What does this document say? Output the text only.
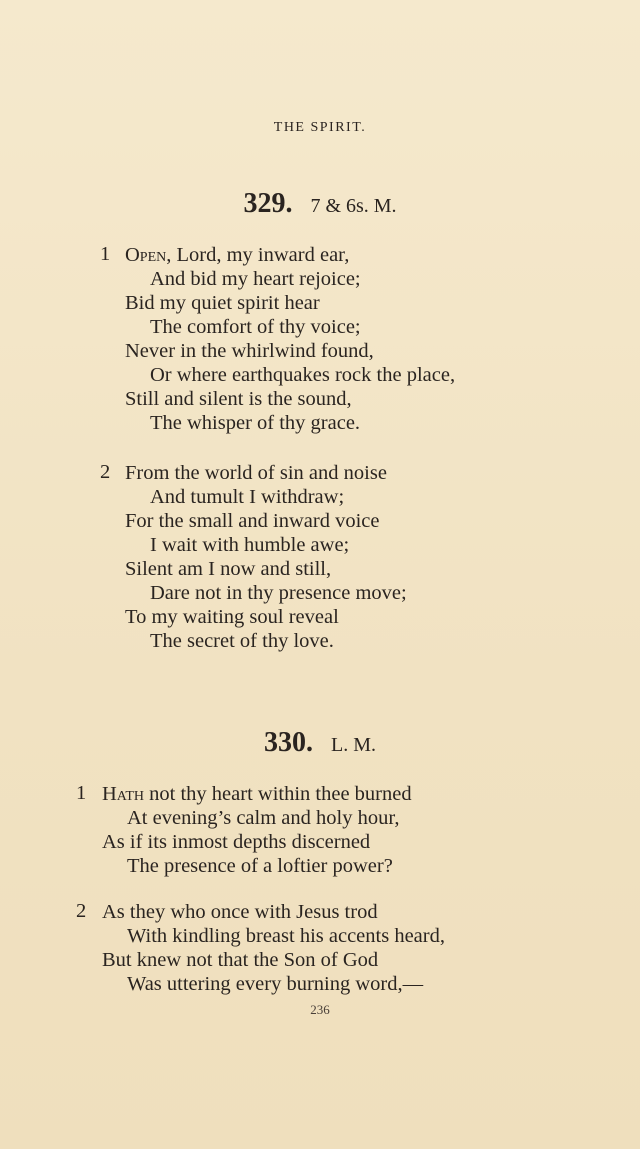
THE SPIRIT.
329. 7 & 6s. M.
1 Open, Lord, my inward ear,
And bid my heart rejoice;
Bid my quiet spirit hear
The comfort of thy voice;
Never in the whirlwind found,
Or where earthquakes rock the place,
Still and silent is the sound,
The whisper of thy grace.
2 From the world of sin and noise
And tumult I withdraw;
For the small and inward voice
I wait with humble awe;
Silent am I now and still,
Dare not in thy presence move;
To my waiting soul reveal
The secret of thy love.
330. L. M.
1 Hath not thy heart within thee burned
At evening’s calm and holy hour,
As if its inmost depths discerned
The presence of a loftier power?
2 As they who once with Jesus trod
With kindling breast his accents heard,
But knew not that the Son of God
Was uttering every burning word,—
236
